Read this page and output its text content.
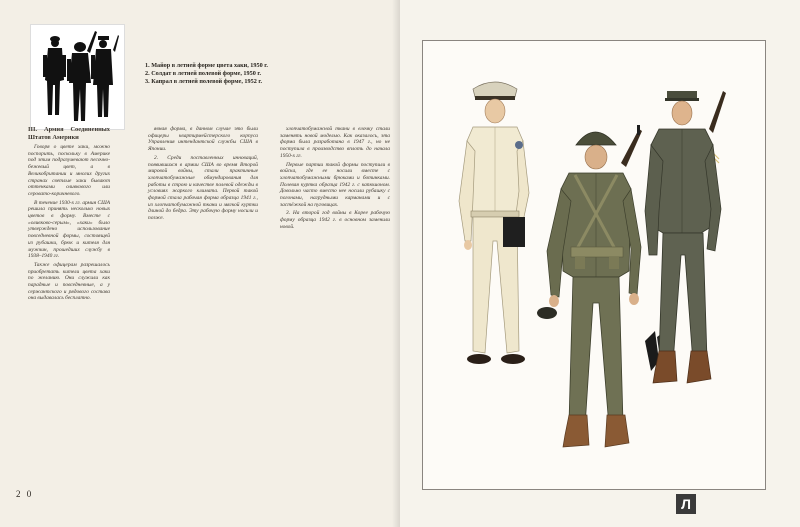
1. Майор в летней форме цвета хаки, 1950 г.
2. Солдат в летней полевой форме, 1950 г.
3. Капрал в летней полевой форме, 1952 г.

III. Армия Соединенных Штатов Америки

Говоря о цвете хаки, можно поспорить, поскольку в Америке под этим подразумевают песочно-бежевый цвет, а в Великобритании и многих других странах светлые хаки бывают оттенками оливкового или серовато-коричневого.

В течение 1930-х гг. армия США решила принять несколько новых цветов в форму. Вместе с «оливково-серым», «хаки» было утверждено использование повседневной формы, состоящей из рубашки, брюк и кителя для мужчин, прошедших службу в 1938–1940 гг.

Также офицерам разрешалось приобретать кители цвета хаки по желанию. Они служили как парадные и повседневные, а у сержантского и рядового состава она выдавалась бесплатно.

явная форма, в данном случае это были офицеры квартирмейстерского корпуса Управления интендантской службы США в Японии.

2. Среди поставленных инноваций, появившихся в армии США во время Второй мировой войны, стали практичные хлопчатобумажные обмундирования для работы в строю и качестве полевой одежды в условиях жаркого климата. Первой такой формой стала рабочая форма образца 1941 г., из хлопчатобумажной ткани и мягкой куртки длиной до бедра. Эту рабочую форму носили и позже.

хлопчатобумажной ткани в елочку стали заменять новой моделью. Как оказалось, эта форма была разработана в 1947 г., но не поступила в производство вплоть до начала 1950-х гг.

Первые партии такой формы поступили в войска, где ее носили вместе с хлопчатобумажными брюками и ботинками. Полевая куртка образца 1942 г. с капюшоном. Довольно часто вместо нее носили рубашку с погонами, нагрудными карманами и с застёжкой на пуговицах.

3. На второй год войны в Корее рабочую форму образца 1942 г. в основном заменили новой.

2 0
Л
